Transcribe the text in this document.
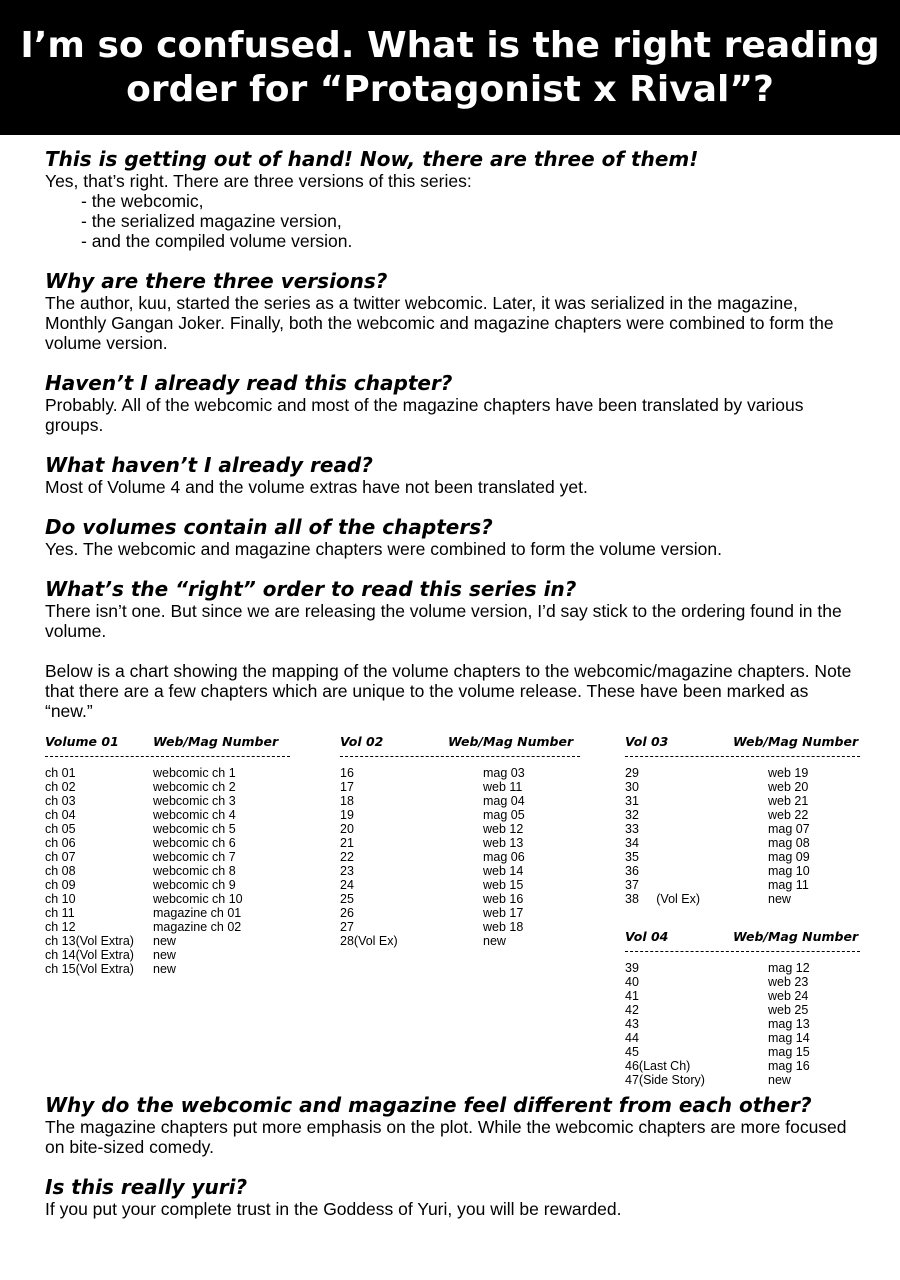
I’m so confused. What is the right reading
order for “Protagonist x Rival”?

This is getting out of hand! Now, there are three of them!

Yes, that’s right. There are three versions of this series:

- the webcomic,
- the serialized magazine version,
- and the compiled volume version.

Why are there three versions?

The author, kuu, started the series as a twitter webcomic. Later, it was serialized in the magazine, Monthly Gangan Joker. Finally, both the webcomic and magazine chapters were combined to form the volume version.

Haven’t I already read this chapter?

Probably. All of the webcomic and most of the magazine chapters have been translated by various groups.

What haven’t I already read?

Most of Volume 4 and the volume extras have not been translated yet.

Do volumes contain all of the chapters?

Yes. The webcomic and magazine chapters were combined to form the volume version.

What’s the “right” order to read this series in?

There isn’t one. But since we are releasing the volume version, I’d say stick to the ordering found in the volume.

Below is a chart showing the mapping of the volume chapters to the webcomic/magazine chapters. Note that there are a few chapters which are unique to the volume release. These have been marked as “new.”

Volume 01	Web/Mag Number
ch 01	webcomic ch 1
ch 02	webcomic ch 2
ch 03	webcomic ch 3
ch 04	webcomic ch 4
ch 05	webcomic ch 5
ch 06	webcomic ch 6
ch 07	webcomic ch 7
ch 08	webcomic ch 8
ch 09	webcomic ch 9
ch 10	webcomic ch 10
ch 11	magazine ch 01
ch 12	magazine ch 02
ch 13(Vol Extra)	new
ch 14(Vol Extra)	new
ch 15(Vol Extra)	new
Vol 02	Web/Mag Number
16	mag 03
17	web 11
18	mag 04
19	mag 05
20	web 12
21	web 13
22	mag 06
23	web 14
24	web 15
25	web 16
26	web 17
27	web 18
28(Vol Ex)	new
Vol 03	Web/Mag Number
29	web 19
30	web 20
31	web 21
32	web 22
33	mag 07
34	mag 08
35	mag 09
36	mag 10
37	mag 11
38     (Vol Ex)	new
Vol 04	Web/Mag Number
39	mag 12
40	web 23
41	web 24
42	web 25
43	mag 13
44	mag 14
45	mag 15
46(Last Ch)	mag 16
47(Side Story)	new

Why do the webcomic and magazine feel different from each other?

The magazine chapters put more emphasis on the plot. While the webcomic chapters are more focused on bite-sized comedy.

Is this really yuri?

If you put your complete trust in the Goddess of Yuri, you will be rewarded.
